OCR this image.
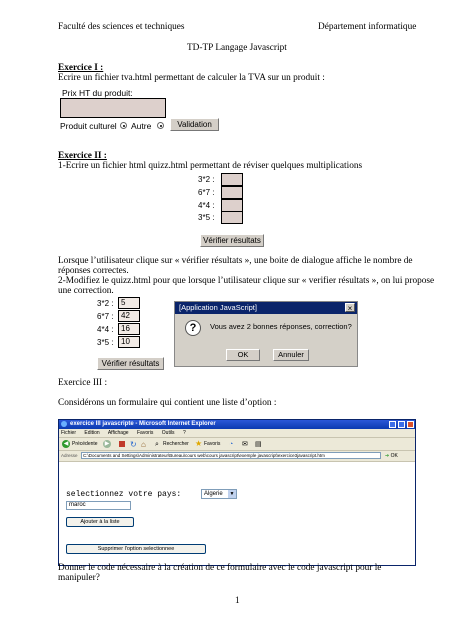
Faculté des sciences et techniques	Département informatique
TD-TP Langage Javascript
Exercice I :
Ecrire un fichier tva.html permettant de calculer la TVA sur un produit :
Prix HT du produit:
Produit culturel Autre	Validation
Exercice II :
1-Ecrire un fichier html quizz.html permettant de réviser quelques multiplications
3*2 :
6*7 :
4*4 :
3*5 :
Vérifier résultats
Lorsque l’utilisateur clique sur « vérifier résultats », une boite de dialogue affiche le nombre de
réponses correctes.
2-Modifiez le quizz.html pour que lorsque l’utilisateur clique sur « verifier résultats », on lui propose
une correction.
3*2 : 5
6*7 : 42
4*4 : 16
3*5 : 10
Vérifier résultats
[Application JavaScript]	×
?	Vous avez 2 bonnes réponses, correction?
OK	Annuler
Exercice III :
Considérons un formulaire qui contient une liste d’option :
exercice III javascripte - Microsoft Internet Explorer
Fichier Edition Affichage Favoris Outils ?
◀ Précédente ▶	↻ ⌂ ⌕ Rechercher ★ Favoris ◔ ✉ ▤
Adresse	C:\Documents and Settings\Administrateur\Bureau\cours web\cours javascript\exemple javascript\exercice3javascript.htm	➔ OK
selectionnez votre pays:	Algerie	▼
maroc
Ajouter à la liste
Supprimer l'option selectionnee
Donner le code nécessaire à la création de ce formulaire avec le code javascript pour le
manipuler?
1
